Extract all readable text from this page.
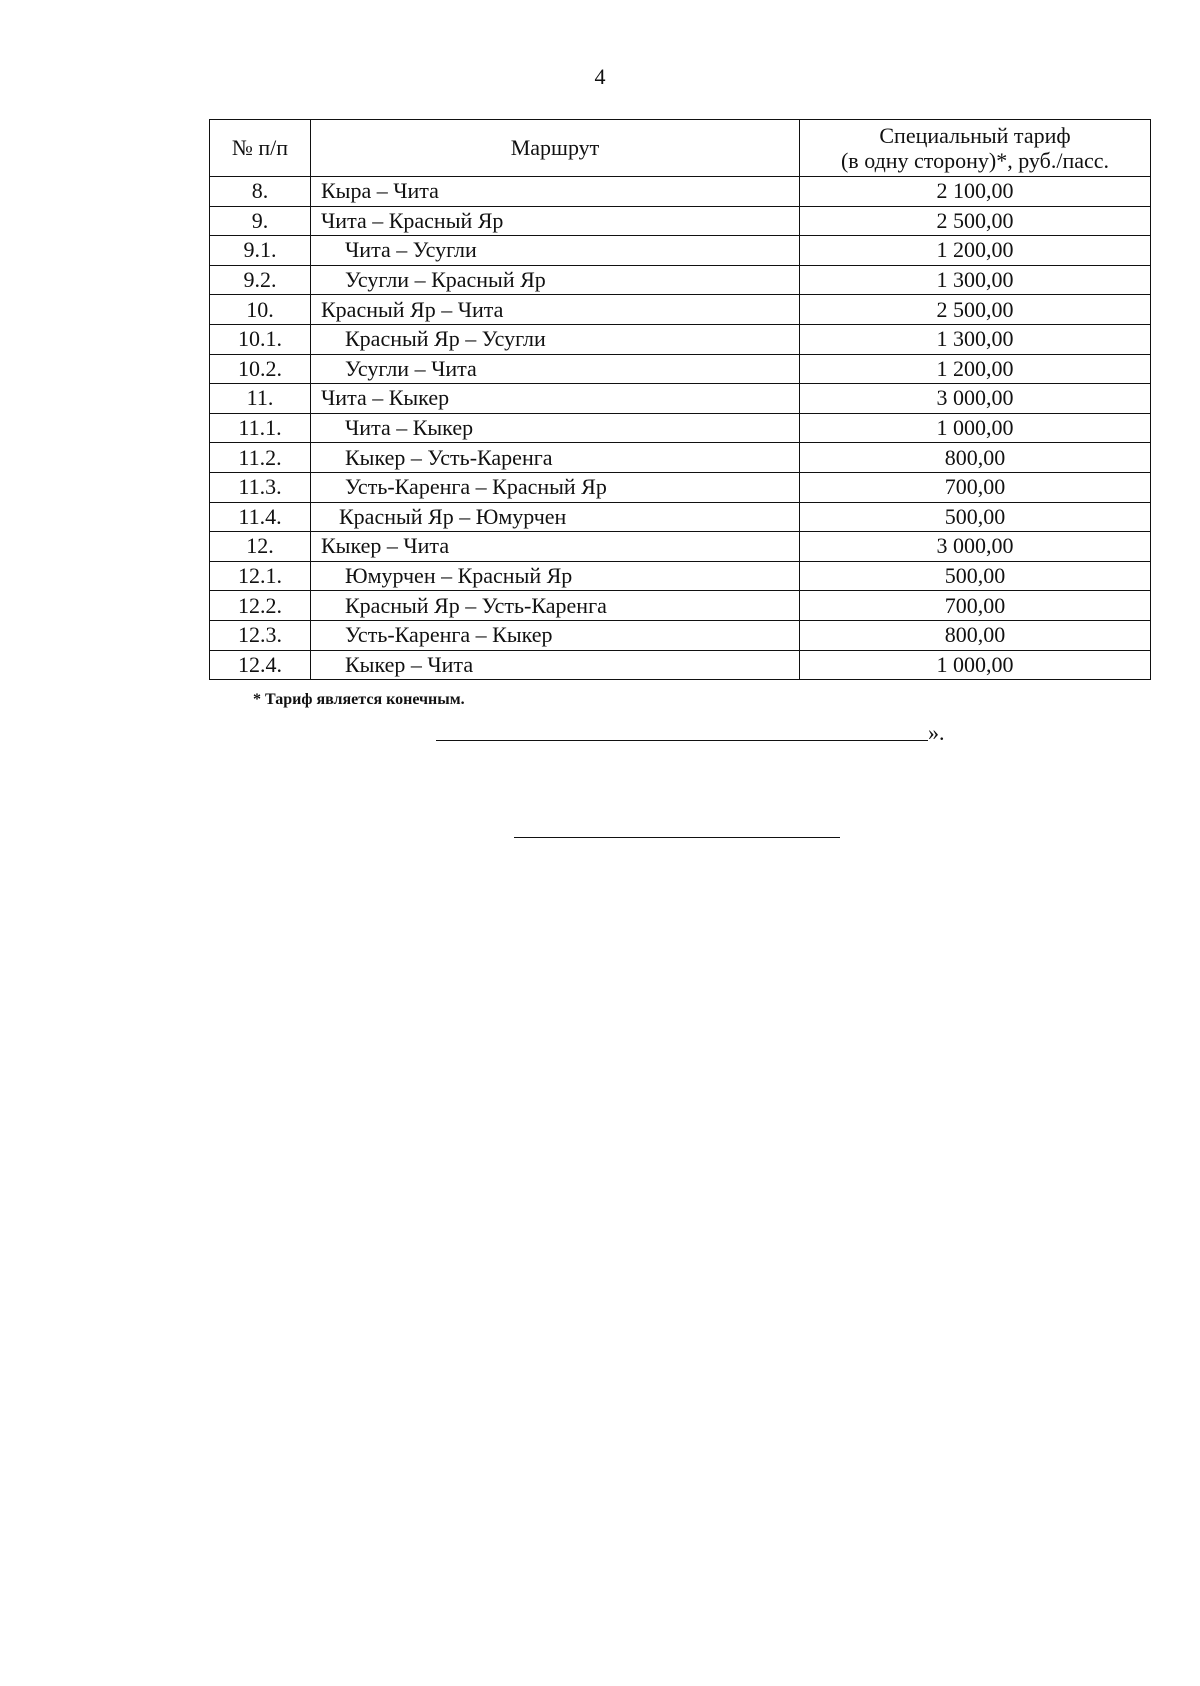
4
№ п/п	Маршрут	Специальный тариф
(в одну сторону)*, руб./пасс.
8.	Кыра – Чита	2 100,00
9.	Чита – Красный Яр	2 500,00
9.1.	Чита – Усугли	1 200,00
9.2.	Усугли – Красный Яр	1 300,00
10.	Красный Яр – Чита	2 500,00
10.1.	Красный Яр – Усугли	1 300,00
10.2.	Усугли – Чита	1 200,00
11.	Чита – Кыкер	3 000,00
11.1.	Чита – Кыкер	1 000,00
11.2.	Кыкер – Усть-Каренга	800,00
11.3.	Усть-Каренга – Красный Яр	700,00
11.4.	Красный Яр – Юмурчен	500,00
12.	Кыкер – Чита	3 000,00
12.1.	Юмурчен – Красный Яр	500,00
12.2.	Красный Яр – Усть-Каренга	700,00
12.3.	Усть-Каренга – Кыкер	800,00
12.4.	Кыкер – Чита	1 000,00
* Тариф является конечным.
».
